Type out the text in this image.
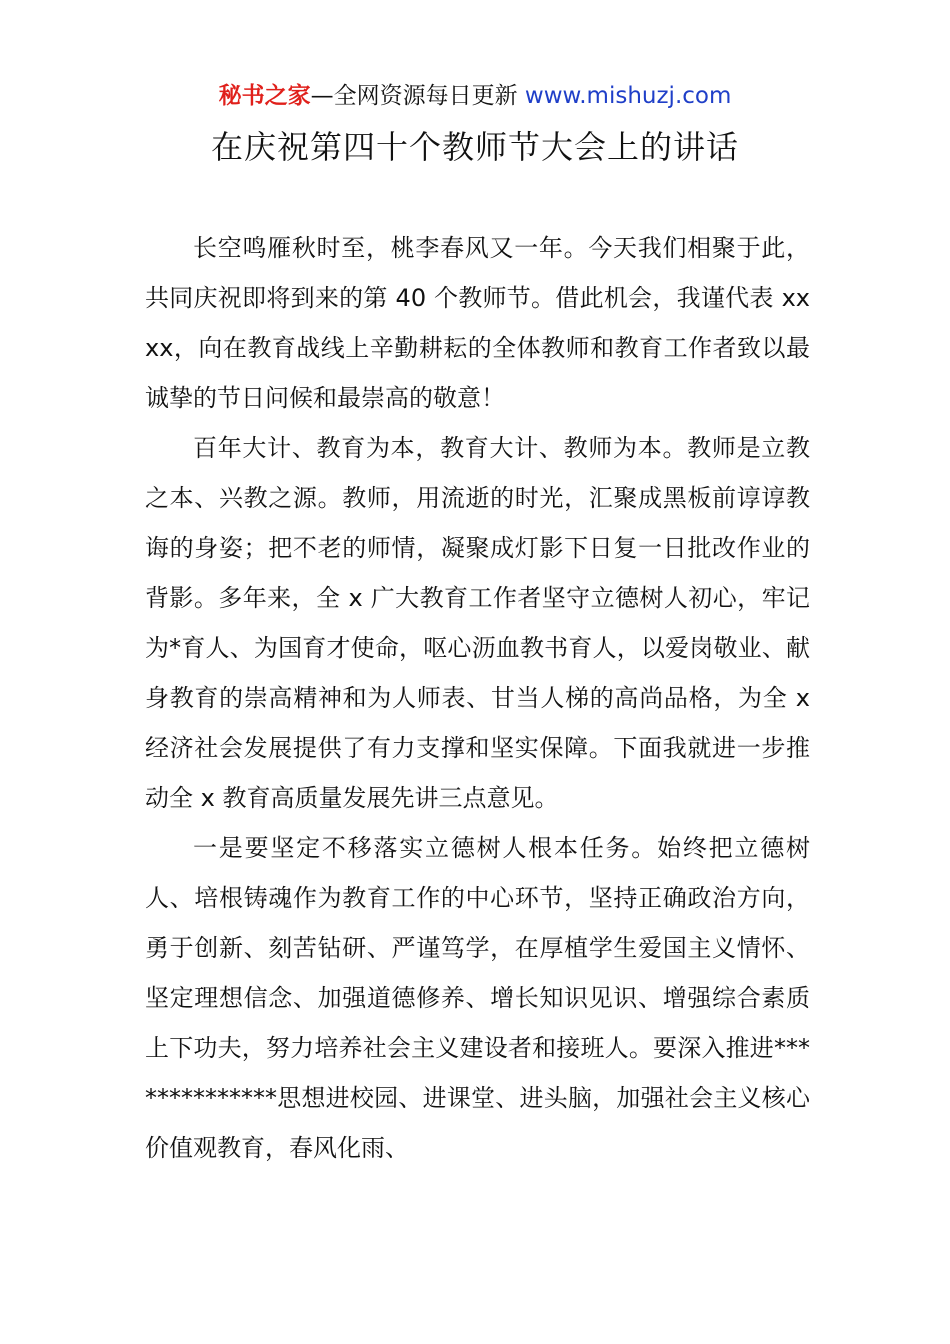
秘书之家—全网资源每日更新 www.mishuzj.com
在庆祝第四十个教师节大会上的讲话

长空鸣雁秋时至，桃李春风又一年。今天我们相聚于此，共同庆祝即将到来的第 40 个教师节。借此机会，我谨代表 xxxx，向在教育战线上辛勤耕耘的全体教师和教育工作者致以最诚挚的节日问候和最崇高的敬意！

百年大计、教育为本，教育大计、教师为本。教师是立教之本、兴教之源。教师，用流逝的时光，汇聚成黑板前谆谆教诲的身姿；把不老的师情，凝聚成灯影下日复一日批改作业的背影。多年来，全 x 广大教育工作者坚守立德树人初心，牢记为*育人、为国育才使命，呕心沥血教书育人，以爱岗敬业、献身教育的崇高精神和为人师表、甘当人梯的高尚品格，为全 x 经济社会发展提供了有力支撑和坚实保障。下面我就进一步推动全 x 教育高质量发展先讲三点意见。

一是要坚定不移落实立德树人根本任务。始终把立德树人、培根铸魂作为教育工作的中心环节，坚持正确政治方向，勇于创新、刻苦钻研、严谨笃学，在厚植学生爱国主义情怀、坚定理想信念、加强道德修养、增长知识见识、增强综合素质上下功夫，努力培养社会主义建设者和接班人。要深入推进**************思想进校园、进课堂、进头脑，加强社会主义核心价值观教育，春风化雨、
